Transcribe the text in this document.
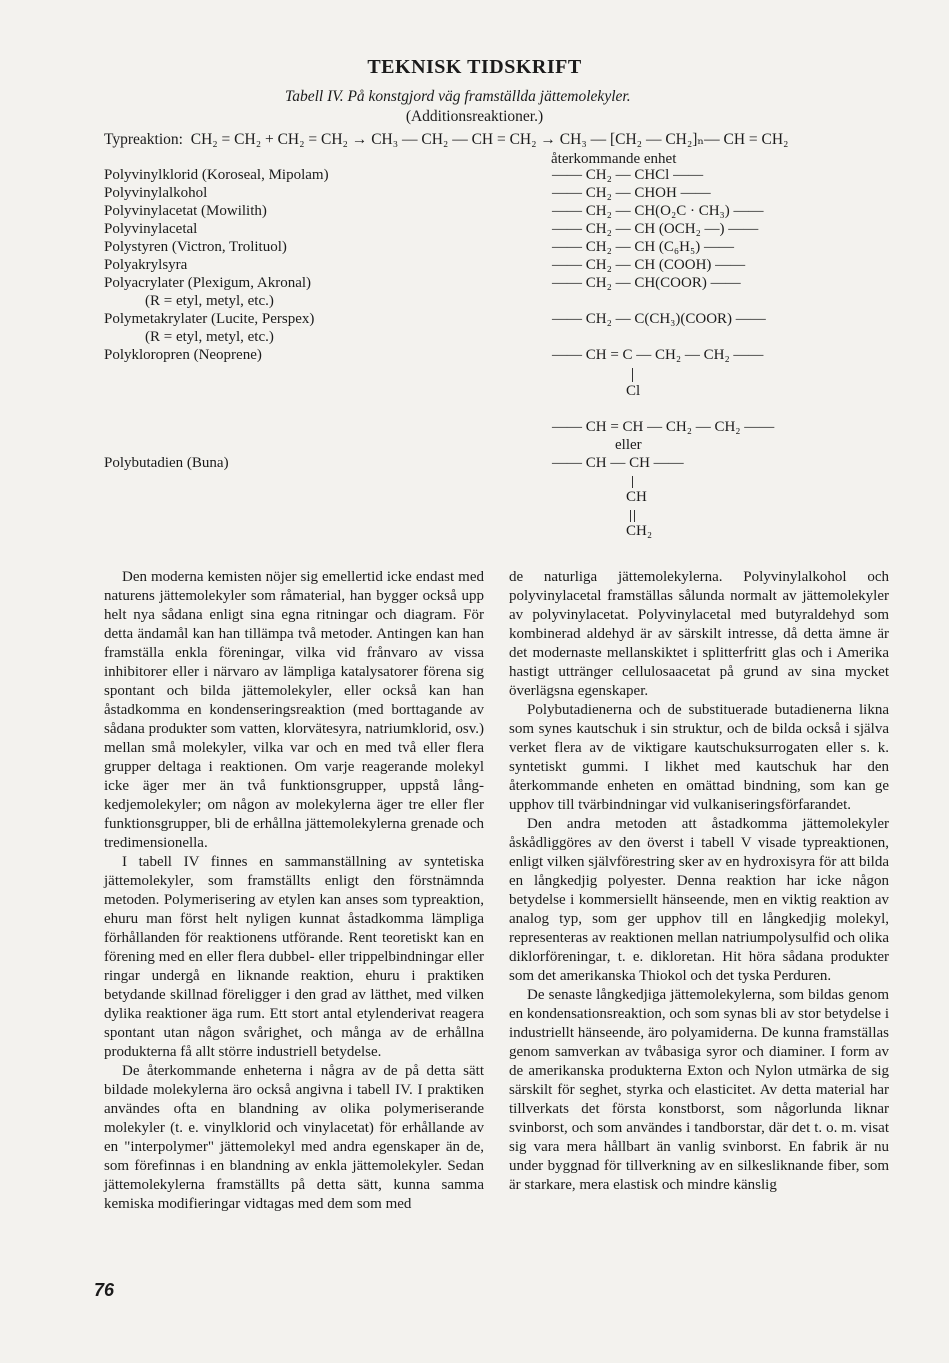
TEKNISK TIDSKRIFT
Tabell IV. På konstgjord väg framställda jättemolekyler.
(Additionsreaktioner.)
Typreaktion: CH₂ = CH₂ + CH₂ = CH₂ → CH₃ — CH₂ — CH = CH₂ → CH₃ — [CH₂ — CH₂]ₙ— CH = CH₂
återkommande enhet
Polyvinylklorid (Koroseal, Mipolam)
Polyvinylalkohol
Polyvinylacetat (Mowilith)
Polyvinylacetal
Polystyren (Victron, Trolituol)
Polyakrylsyra
Polyacrylater (Plexigum, Akronal)
(R = etyl, metyl, etc.)
Polymetakrylater (Lucite, Perspex)
(R = etyl, metyl, etc.)
Polykloropren (Neoprene)
Polybutadien (Buna)
—— CH₂ — CHCl ——
—— CH₂ — CHOH ——
—— CH₂ — CH(O₂C · CH₃) ——
—— CH₂ — CH (OCH₂ —) ——
—— CH₂ — CH (C₆H₅) ——
—— CH₂ — CH (COOH) ——
—— CH₂ — CH(COOR) ——
—— CH₂ — C(CH₃)(COOR) ——
—— CH = C — CH₂ — CH₂ ——
Cl
—— CH = CH — CH₂ — CH₂ ——
eller
—— CH — CH ——
CH
CH₂

Den moderna kemisten nöjer sig emellertid icke endast med naturens jättemolekyler som råmaterial, han bygger också upp helt nya sådana enligt sina egna ritningar och diagram. För detta ändamål kan han tillämpa två metoder. Antingen kan han framställa enkla föreningar, vilka vid frånvaro av vissa inhibitorer eller i närvaro av lämpliga katalysatorer förena sig spontant och bilda jättemolekyler, eller också kan han åstadkomma en kondenseringsreaktion (med borttagande av sådana produkter som vatten, klorvätesyra, natriumklorid, osv.) mellan små molekyler, vilka var och en med två eller flera grupper deltaga i reaktionen. Om varje reagerande molekyl icke äger mer än två funktionsgrupper, uppstå lång-kedjemolekyler; om någon av molekylerna äger tre eller fler funktionsgrupper, bli de erhållna jättemolekylerna grenade och tredimensionella.

I tabell IV finnes en sammanställning av syntetiska jättemolekyler, som framställts enligt den förstnämnda metoden. Polymerisering av etylen kan anses som typreaktion, ehuru man först helt nyligen kunnat åstadkomma lämpliga förhållanden för reaktionens utförande. Rent teoretiskt kan en förening med en eller flera dubbel- eller trippelbindningar eller ringar undergå en liknande reaktion, ehuru i praktiken betydande skillnad föreligger i den grad av lätthet, med vilken dylika reaktioner äga rum. Ett stort antal etylenderivat reagera spontant utan någon svårighet, och många av de erhållna produkterna få allt större industriell betydelse.

De återkommande enheterna i några av de på detta sätt bildade molekylerna äro också angivna i tabell IV. I praktiken användes ofta en blandning av olika polymeriserande molekyler (t. e. vinylklorid och vinylacetat) för erhållande av en "interpolymer" jättemolekyl med andra egenskaper än de, som förefinnas i en blandning av enkla jättemolekyler. Sedan jättemolekylerna framställts på detta sätt, kunna samma kemiska modifieringar vidtagas med dem som med

de naturliga jättemolekylerna. Polyvinylalkohol och polyvinylacetal framställas sålunda normalt av jättemolekyler av polyvinylacetat. Polyvinylacetal med butyraldehyd som kombinerad aldehyd är av särskilt intresse, då detta ämne är det modernaste mellanskiktet i splitterfritt glas och i Amerika hastigt uttränger cellulosaacetat på grund av sina mycket överlägsna egenskaper.

Polybutadienerna och de substituerade butadienerna likna som synes kautschuk i sin struktur, och de bilda också i själva verket flera av de viktigare kautschuksurrogaten eller s. k. syntetiskt gummi. I likhet med kautschuk har den återkommande enheten en omättad bindning, som kan ge upphov till tvärbindningar vid vulkaniseringsförfarandet.

Den andra metoden att åstadkomma jättemolekyler åskådliggöres av den överst i tabell V visade typreaktionen, enligt vilken självförestring sker av en hydroxisyra för att bilda en långkedjig polyester. Denna reaktion har icke någon betydelse i kommersiellt hänseende, men en viktig reaktion av analog typ, som ger upphov till en långkedjig molekyl, representeras av reaktionen mellan natriumpolysulfid och olika diklorföreningar, t. e. dikloretan. Hit höra sådana produkter som det amerikanska Thiokol och det tyska Perduren.

De senaste långkedjiga jättemolekylerna, som bildas genom en kondensationsreaktion, och som synas bli av stor betydelse i industriellt hänseende, äro polyamiderna. De kunna framställas genom samverkan av tvåbasiga syror och diaminer. I form av de amerikanska produkterna Exton och Nylon utmärka de sig särskilt för seghet, styrka och elasticitet. Av detta material har tillverkats det första konstborst, som någorlunda liknar svinborst, och som användes i tandborstar, där det t. o. m. visat sig vara mera hållbart än vanlig svinborst. En fabrik är nu under byggnad för tillverkning av en silkesliknande fiber, som är starkare, mera elastisk och mindre känslig

76
